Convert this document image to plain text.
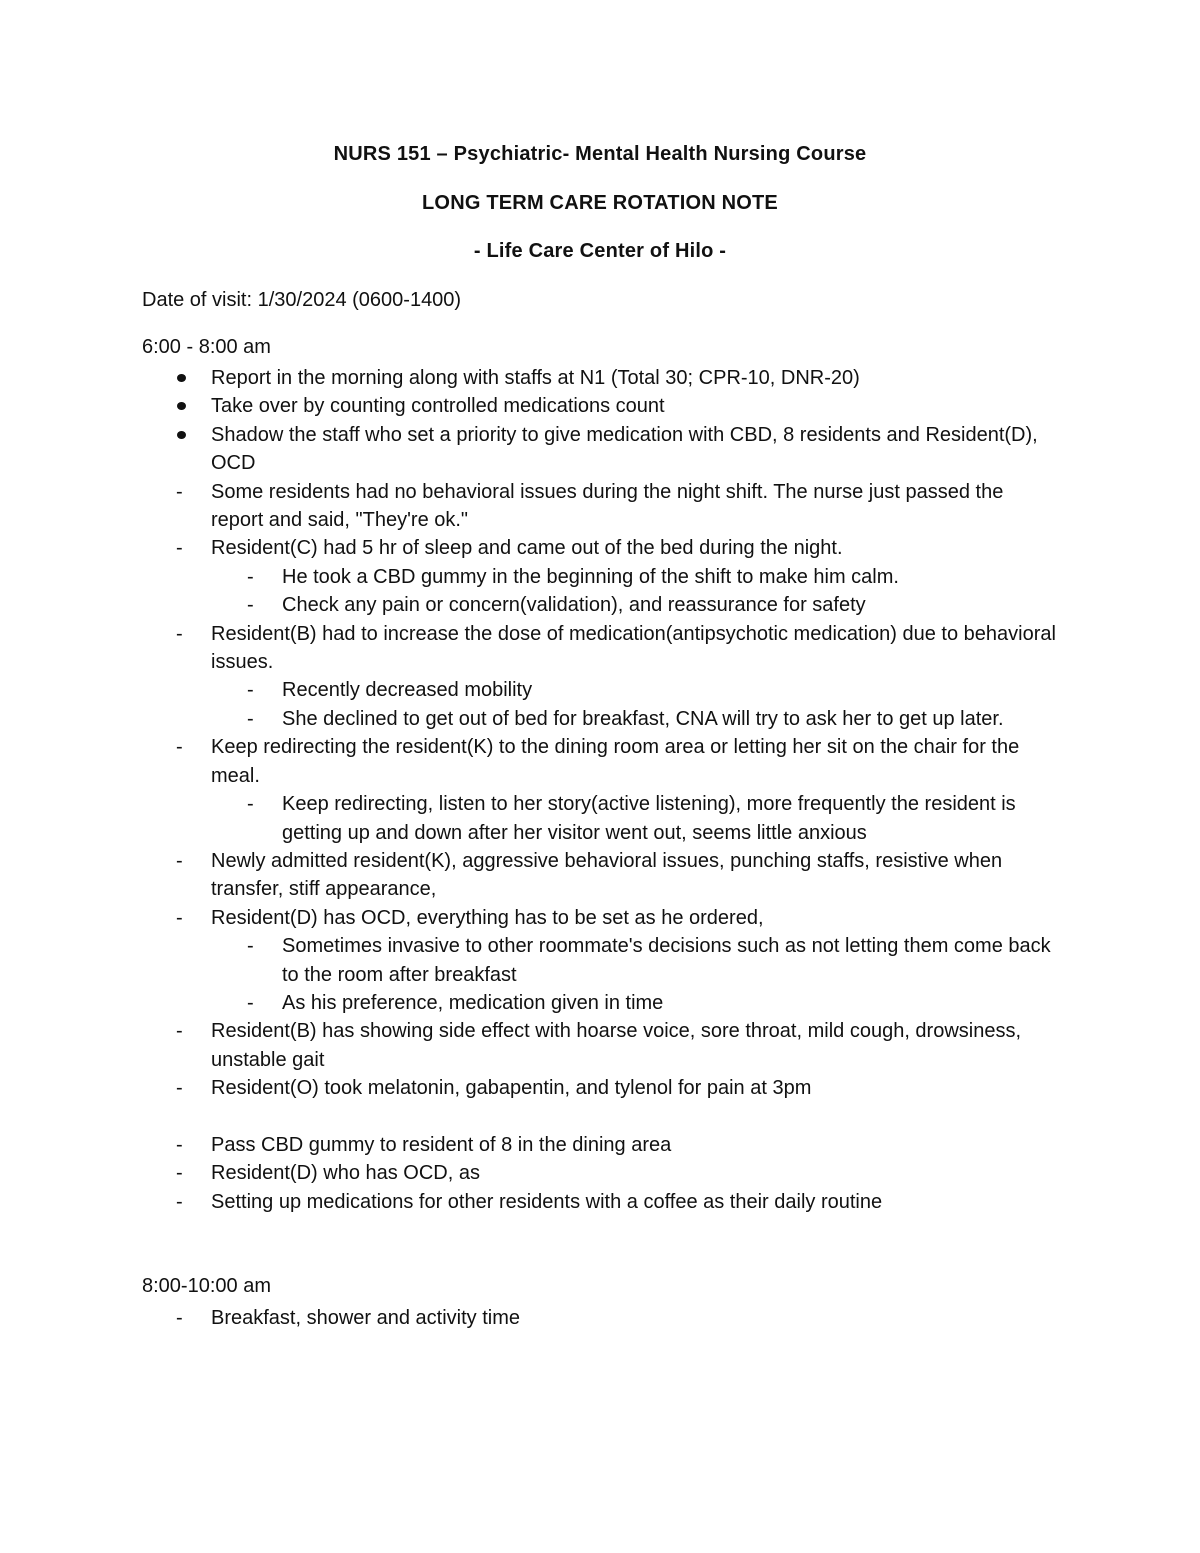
NURS 151 – Psychiatric- Mental Health Nursing Course
LONG TERM CARE ROTATION NOTE
- Life Care Center of Hilo -
Date of visit: 1/30/2024 (0600-1400)
6:00 - 8:00 am
Report in the morning along with staffs at N1 (Total 30; CPR-10, DNR-20)
Take over by counting controlled medications count
Shadow the staff who set a priority to give medication with CBD, 8 residents and Resident(D), OCD
- Some residents had no behavioral issues during the night shift. The nurse just passed the report and said, "They're ok."
- Resident(C) had 5 hr of sleep and came out of the bed during the night.
- He took a CBD gummy in the beginning of the shift to make him calm.
- Check any pain or concern(validation), and reassurance for safety
- Resident(B) had to increase the dose of medication(antipsychotic medication) due to behavioral issues.
- Recently decreased mobility
- She declined to get out of bed for breakfast, CNA will try to ask her to get up later.
- Keep redirecting the resident(K) to the dining room area or letting her sit on the chair for the meal.
- Keep redirecting, listen to her story(active listening), more frequently the resident is getting up and down after her visitor went out, seems little anxious
- Newly admitted resident(K), aggressive behavioral issues, punching staffs, resistive when transfer, stiff appearance,
- Resident(D) has OCD, everything has to be set as he ordered,
- Sometimes invasive to other roommate's decisions such as not letting them come back to the room after breakfast
- As his preference, medication given in time
- Resident(B) has showing side effect with hoarse voice, sore throat, mild cough, drowsiness, unstable gait
- Resident(O) took melatonin, gabapentin, and tylenol for pain at 3pm
- Pass CBD gummy to resident of 8 in the dining area
- Resident(D) who has OCD, as
- Setting up medications for other residents with a coffee as their daily routine
8:00-10:00 am
- Breakfast, shower and activity time
